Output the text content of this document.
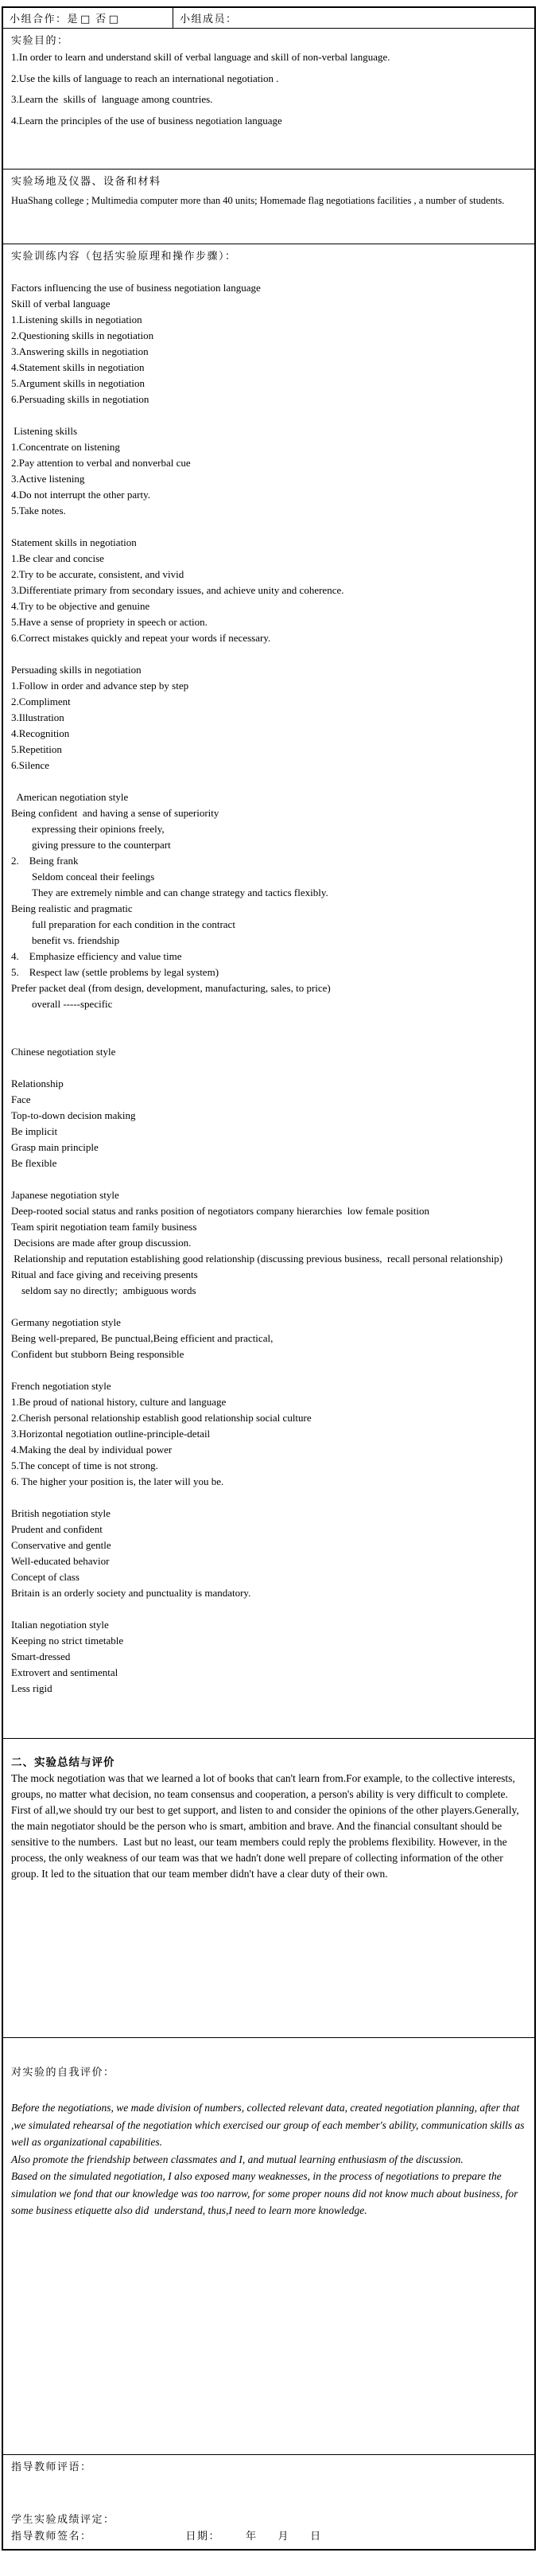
小组合作：是 □ 否 □	小组成员：
实验目的：
1.In order to learn and understand skill of verbal language and skill of non-verbal language.
2.Use the kills of language to reach an international negotiation .
3.Learn the  skills of  language among countries.
4.Learn the principles of the use of business negotiation language
实验场地及仪器、设备和材料
HuaShang college ; Multimedia computer more than 40 units; Homemade flag negotiations facilities , a number of students.
实验训练内容（包括实验原理和操作步骤）：

Factors influencing the use of business negotiation language
Skill of verbal language
1.Listening skills in negotiation
2.Questioning skills in negotiation
3.Answering skills in negotiation
4.Statement skills in negotiation
5.Argument skills in negotiation
6.Persuading skills in negotiation

Listening skills
1.Concentrate on listening
2.Pay attention to verbal and nonverbal cue
3.Active listening
4.Do not interrupt the other party.
5.Take notes.

Statement skills in negotiation
1.Be clear and concise
2.Try to be accurate, consistent, and vivid
3.Differentiate primary from secondary issues, and achieve unity and coherence.
4.Try to be objective and genuine
5.Have a sense of propriety in speech or action.
6.Correct mistakes quickly and repeat your words if necessary.

Persuading skills in negotiation
1.Follow in order and advance step by step
2.Compliment
3.Illustration
4.Recognition
5.Repetition
6.Silence

American negotiation style
Being confident  and having a sense of superiority
expressing their opinions freely,
giving pressure to the counterpart
2.    Being frank
Seldom conceal their feelings
They are extremely nimble and can change strategy and tactics flexibly.
Being realistic and pragmatic
full preparation for each condition in the contract
benefit vs. friendship
4.    Emphasize efficiency and value time
5.    Respect law (settle problems by legal system)
Prefer packet deal (from design, development, manufacturing, sales, to price)
overall -----specific

Chinese negotiation style

Relationship
Face
Top-to-down decision making
Be implicit
Grasp main principle
Be flexible

Japanese negotiation style
Deep-rooted social status and ranks position of negotiators company hierarchies  low female position
Team spirit negotiation team family business
Decisions are made after group discussion.
Relationship and reputation establishing good relationship (discussing previous business,  recall personal relationship)
Ritual and face giving and receiving presents
seldom say no directly;  ambiguous words

Germany negotiation style
Being well-prepared, Be punctual,Being efficient and practical,
Confident but stubborn Being responsible

French negotiation style
1.Be proud of national history, culture and language
2.Cherish personal relationship establish good relationship social culture
3.Horizontal negotiation outline-principle-detail
4.Making the deal by individual power
5.The concept of time is not strong.
6. The higher your position is, the later will you be.

British negotiation style
Prudent and confident
Conservative and gentle
Well-educated behavior
Concept of class
Britain is an orderly society and punctuality is mandatory.

Italian negotiation style
Keeping no strict timetable
Smart-dressed
Extrovert and sentimental
Less rigid
二、实验总结与评价
The mock negotiation was that we learned a lot of books that can't learn from.For example, to the collective interests, groups, no matter what decision, no team consensus and cooperation, a person's ability is very difficult to complete. First of all,we should try our best to get support, and listen to and consider the opinions of the other players.Generally, the main negotiator should be the person who is smart, ambition and brave. And the financial consultant should be sensitive to the numbers.  Last but no least, our team members could reply the problems flexibility. However, in the process, the only weakness of our team was that we hadn't done well prepare of collecting information of the other group. It led to the situation that our team member didn't have a clear duty of their own.
对实验的自我评价：
Before the negotiations, we made division of numbers, collected relevant data, created negotiation planning, after that ,we simulated rehearsal of the negotiation which exercised our group of each member's ability, communication skills as well as organizational capabilities.
Also promote the friendship between classmates and I, and mutual learning enthusiasm of the discussion.
Based on the simulated negotiation, I also exposed many weaknesses, in the process of negotiations to prepare the simulation we fond that our knowledge was too narrow, for some proper nouns did not know much about business, for some business etiquette also did  understand, thus,I need to learn more knowledge.
指导教师评语：
学生实验成绩评定：
指导教师签名：	日期： 年 月 日
